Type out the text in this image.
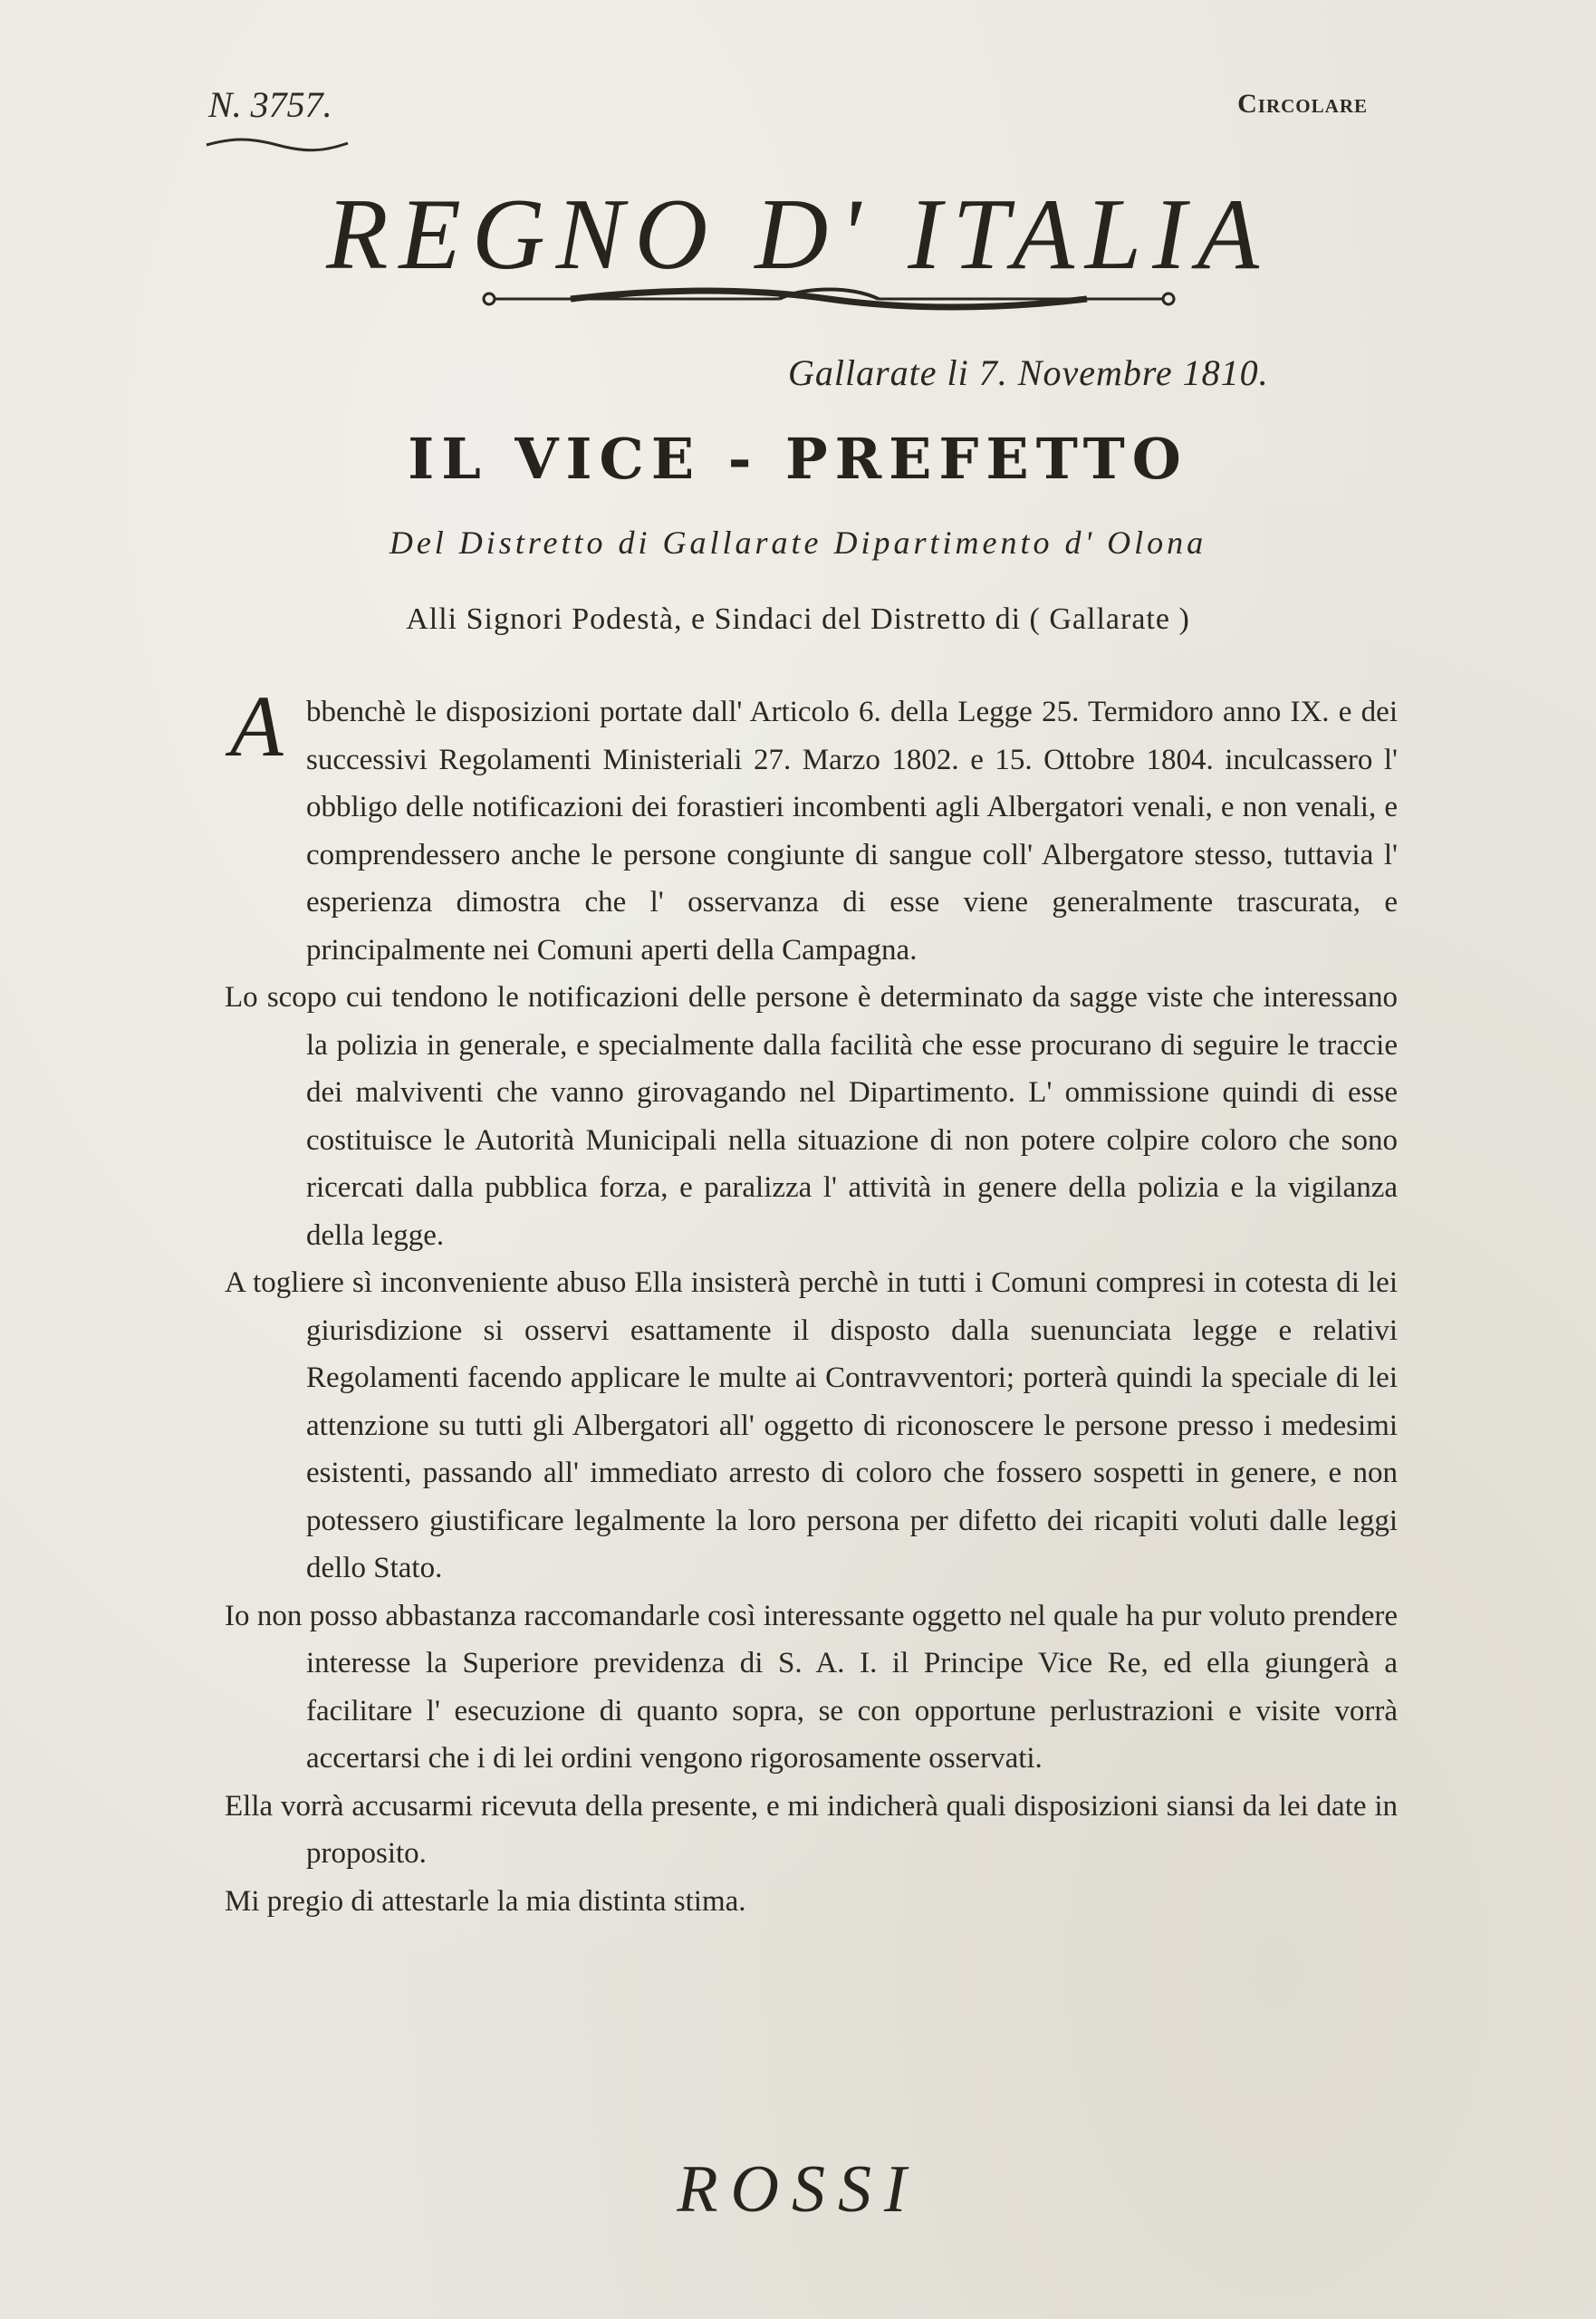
N. 3757.	Circolare
REGNO D' ITALIA
Gallarate li 7. Novembre 1810.
IL VICE - PREFETTO
Del Distretto di Gallarate Dipartimento d' Olona
Alli Signori Podestà, e Sindaci del Distretto di ( Gallarate )

A bbenchè le disposizioni portate dall' Articolo 6. della Legge 25. Termidoro anno IX. e dei successivi Regolamenti Ministeriali 27. Marzo 1802. e 15. Ottobre 1804. inculcassero l' obbligo delle notificazioni dei forastieri incombenti agli Albergatori venali, e non venali, e comprendessero anche le persone congiunte di sangue coll' Albergatore stesso, tuttavia l' esperienza dimostra che l' osservanza di esse viene generalmente trascurata, e principalmente nei Comuni aperti della Campagna.

Lo scopo cui tendono le notificazioni delle persone è determinato da sagge viste che interessano la polizia in generale, e specialmente dalla facilità che esse procurano di seguire le traccie dei malviventi che vanno girovagando nel Dipartimento. L' ommissione quindi di esse costituisce le Autorità Municipali nella situazione di non potere colpire coloro che sono ricercati dalla pubblica forza, e paralizza l' attività in genere della polizia e la vigilanza della legge.

A togliere sì inconveniente abuso Ella insisterà perchè in tutti i Comuni compresi in cotesta di lei giurisdizione si osservi esattamente il disposto dalla suenunciata legge e relativi Regolamenti facendo applicare le multe ai Contravventori; porterà quindi la speciale di lei attenzione su tutti gli Albergatori all' oggetto di riconoscere le persone presso i medesimi esistenti, passando all' immediato arresto di coloro che fossero sospetti in genere, e non potessero giustificare legalmente la loro persona per difetto dei ricapiti voluti dalle leggi dello Stato.

Io non posso abbastanza raccomandarle così interessante oggetto nel quale ha pur voluto prendere interesse la Superiore previdenza di S. A. I. il Principe Vice Re, ed ella giungerà a facilitare l' esecuzione di quanto sopra, se con opportune perlustrazioni e visite vorrà accertarsi che i di lei ordini vengono rigorosamente osservati.

Ella vorrà accusarmi ricevuta della presente, e mi indicherà quali disposizioni siansi da lei date in proposito.

Mi pregio di attestarle la mia distinta stima.

ROSSI
